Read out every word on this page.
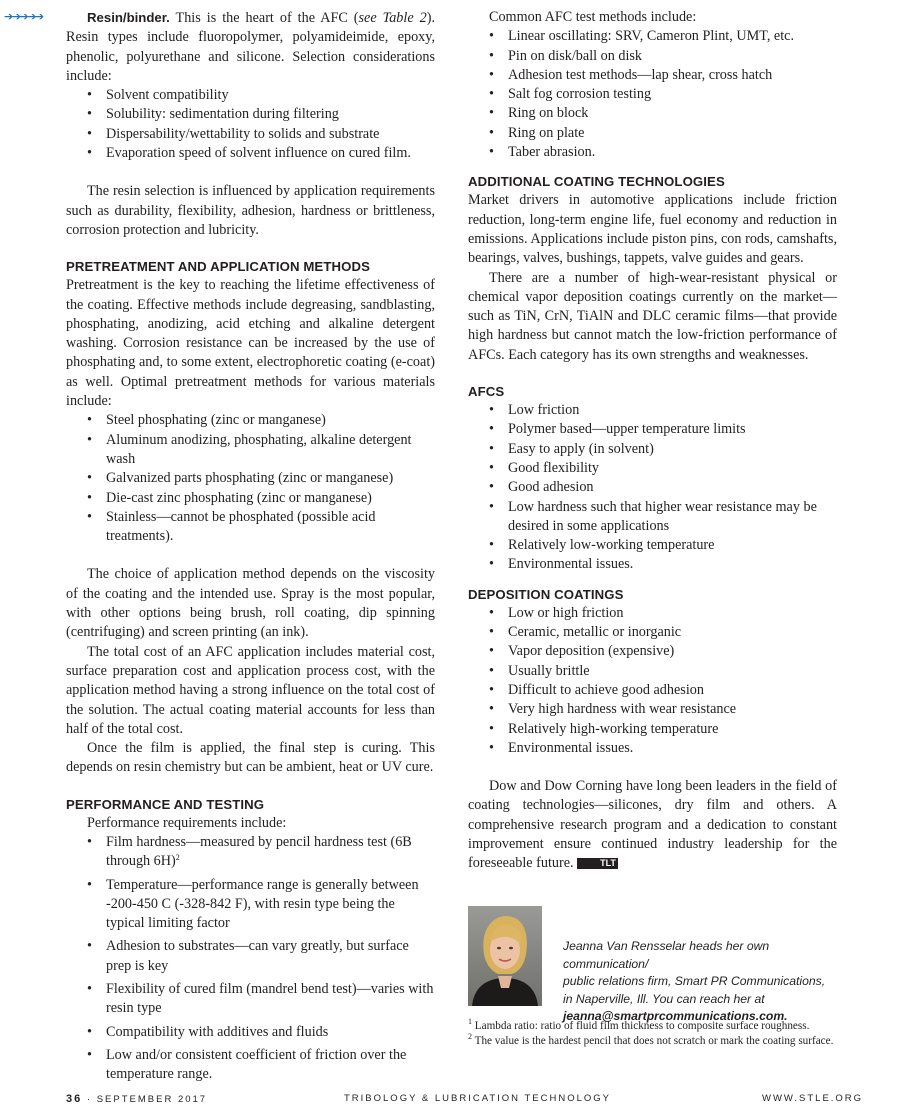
➔➔➔➔➔	Resin/binder. This is the heart of the AFC (see Table 2). Resin types include fluoropolymer, polyamideimide, epoxy, phenolic, polyurethane and silicone. Selection considerations include:

• Solvent compatibility
• Solubility: sedimentation during filtering
• Dispersability/wettability to solids and substrate
• Evaporation speed of solvent influence on cured film.

The resin selection is influenced by application requirements such as durability, flexibility, adhesion, hardness or brittleness, corrosion protection and lubricity.

PRETREATMENT AND APPLICATION METHODS

Pretreatment is the key to reaching the lifetime effectiveness of the coating. Effective methods include degreasing, sandblasting, phosphating, anodizing, acid etching and alkaline detergent washing. Corrosion resistance can be increased by the use of phosphating and, to some extent, electrophoretic coating (e-coat) as well. Optimal pretreatment methods for various materials include:

• Steel phosphating (zinc or manganese)
• Aluminum anodizing, phosphating, alkaline detergent wash
• Galvanized parts phosphating (zinc or manganese)
• Die-cast zinc phosphating (zinc or manganese)
• Stainless—cannot be phosphated (possible acid treatments).

The choice of application method depends on the viscosity of the coating and the intended use. Spray is the most popular, with other options being brush, roll coating, dip spinning (centrifuging) and screen printing (an ink).

The total cost of an AFC application includes material cost, surface preparation cost and application process cost, with the application method having a strong influence on the total cost of the solution. The actual coating material accounts for less than half of the total cost.

Once the film is applied, the final step is curing. This depends on resin chemistry but can be ambient, heat or UV cure.

PERFORMANCE AND TESTING

Performance requirements include:

• Film hardness—measured by pencil hardness test (6B through 6H)$^2$
• Temperature—performance range is generally between -200-450 C (-328-842 F), with resin type being the typical limiting factor
• Adhesion to substrates—can vary greatly, but surface prep is key
• Flexibility of cured film (mandrel bend test)—varies with resin type
• Compatibility with additives and fluids
• Low and/or consistent coefficient of friction over the temperature range.

Common AFC test methods include:

• Linear oscillating: SRV, Cameron Plint, UMT, etc.
• Pin on disk/ball on disk
• Adhesion test methods—lap shear, cross hatch
• Salt fog corrosion testing
• Ring on block
• Ring on plate
• Taber abrasion.
ADDITIONAL COATING TECHNOLOGIES

Market drivers in automotive applications include friction reduction, long-term engine life, fuel economy and reduction in emissions. Applications include piston pins, con rods, camshafts, bearings, valves, bushings, tappets, valve guides and gears.

There are a number of high-wear-resistant physical or chemical vapor deposition coatings currently on the market—such as TiN, CrN, TiAlN and DLC ceramic films—that provide high hardness but cannot match the low-friction performance of AFCs. Each category has its own strengths and weaknesses.

AFCS
• Low friction
• Polymer based—upper temperature limits
• Easy to apply (in solvent)
• Good flexibility
• Good adhesion
• Low hardness such that higher wear resistance may be desired in some applications
• Relatively low-working temperature
• Environmental issues.
DEPOSITION COATINGS
• Low or high friction
• Ceramic, metallic or inorganic
• Vapor deposition (expensive)
• Usually brittle
• Difficult to achieve good adhesion
• Very high hardness with wear resistance
• Relatively high-working temperature
• Environmental issues.

Dow and Dow Corning have long been leaders in the field of coating technologies—silicones, dry film and others. A comprehensive research program and a dedication to constant improvement ensure continued industry leadership for the foreseeable future.	TLT

Jeanna Van Rensselar heads her own communication/
public relations firm, Smart PR Communications,
in Naperville, Ill. You can reach her at
jeanna@smartprcommunications.com.

$^1$ Lambda ratio: ratio of fluid film thickness to composite surface roughness.

$^2$ The value is the hardest pencil that does not scratch or mark the coating surface.

36 · SEPTEMBER 2017	TRIBOLOGY & LUBRICATION TECHNOLOGY	WWW.STLE.ORG
